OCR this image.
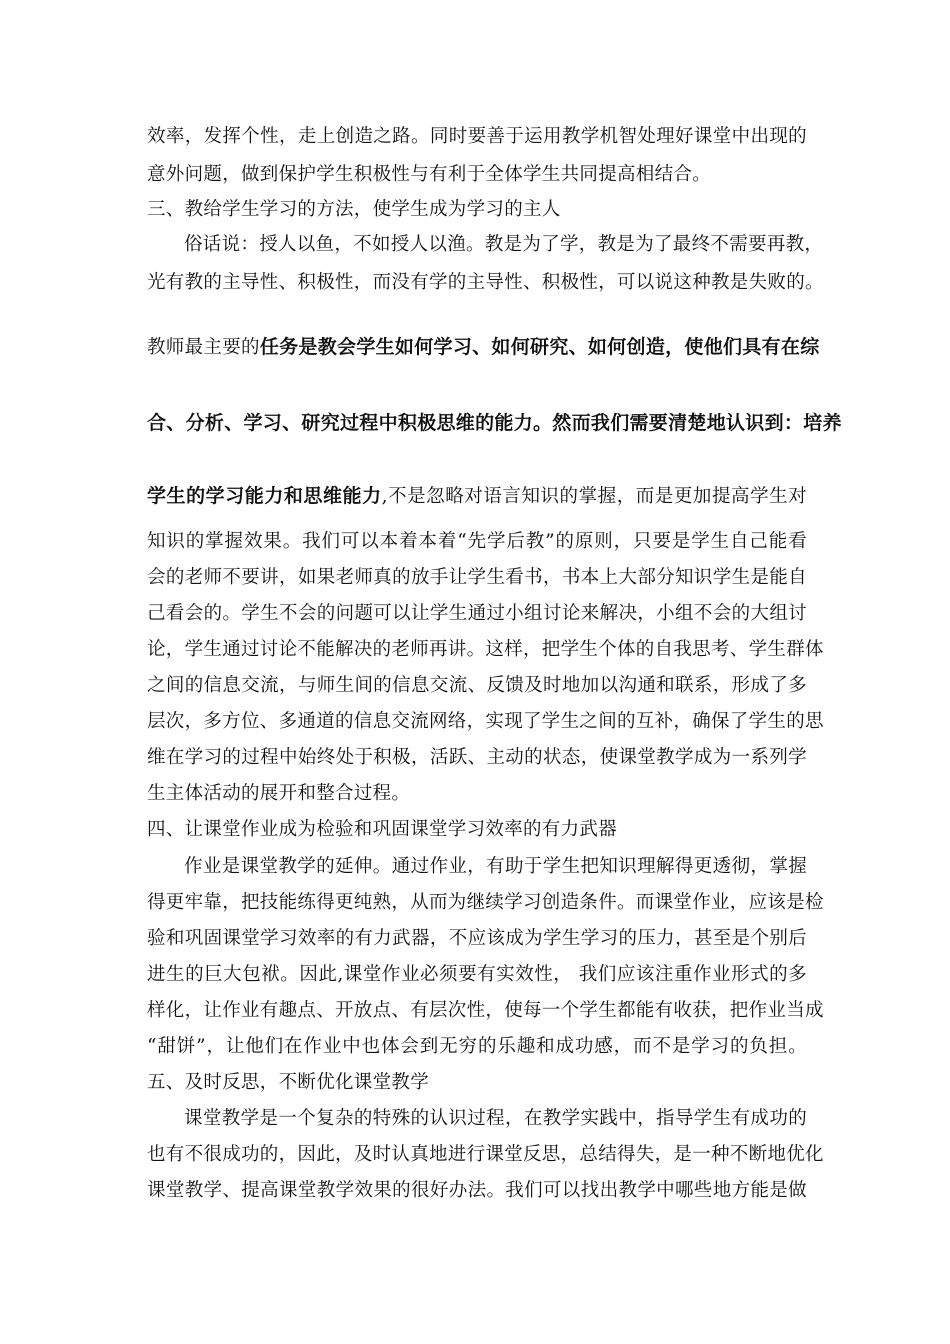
效率，发挥个性，走上创造之路。同时要善于运用教学机智处理好课堂中出现的
意外问题，做到保护学生积极性与有利于全体学生共同提高相结合。
三、教给学生学习的方法，使学生成为学习的主人
俗话说：授人以鱼，不如授人以渔。教是为了学，教是为了最终不需要再教，
光有教的主导性、积极性，而没有学的主导性、积极性，可以说这种教是失败的。
教师最主要的任务是教会学生如何学习、如何研究、如何创造，使他们具有在综
合、分析、学习、研究过程中积极思维的能力。然而我们需要清楚地认识到：培养
学生的学习能力和思维能力,不是忽略对语言知识的掌握，而是更加提高学生对
知识的掌握效果。我们可以本着本着“先学后教”的原则，只要是学生自己能看
会的老师不要讲，如果老师真的放手让学生看书，书本上大部分知识学生是能自
己看会的。学生不会的问题可以让学生通过小组讨论来解决，小组不会的大组讨
论，学生通过讨论不能解决的老师再讲。这样，把学生个体的自我思考、学生群体
之间的信息交流，与师生间的信息交流、反馈及时地加以沟通和联系，形成了多
层次，多方位、多通道的信息交流网络，实现了学生之间的互补，确保了学生的思
维在学习的过程中始终处于积极，活跃、主动的状态，使课堂教学成为一系列学
生主体活动的展开和整合过程。
四、让课堂作业成为检验和巩固课堂学习效率的有力武器
作业是课堂教学的延伸。通过作业，有助于学生把知识理解得更透彻，掌握
得更牢靠，把技能练得更纯熟，从而为继续学习创造条件。而课堂作业，应该是检
验和巩固课堂学习效率的有力武器，不应该成为学生学习的压力，甚至是个别后
进生的巨大包袱。因此,课堂作业必须要有实效性， 我们应该注重作业形式的多
样化，让作业有趣点、开放点、有层次性，使每一个学生都能有收获，把作业当成
“甜饼”，让他们在作业中也体会到无穷的乐趣和成功感，而不是学习的负担。
五、及时反思，不断优化课堂教学
课堂教学是一个复杂的特殊的认识过程，在教学实践中，指导学生有成功的
也有不很成功的，因此，及时认真地进行课堂反思，总结得失，是一种不断地优化
课堂教学、提高课堂教学效果的很好办法。我们可以找出教学中哪些地方能是做
